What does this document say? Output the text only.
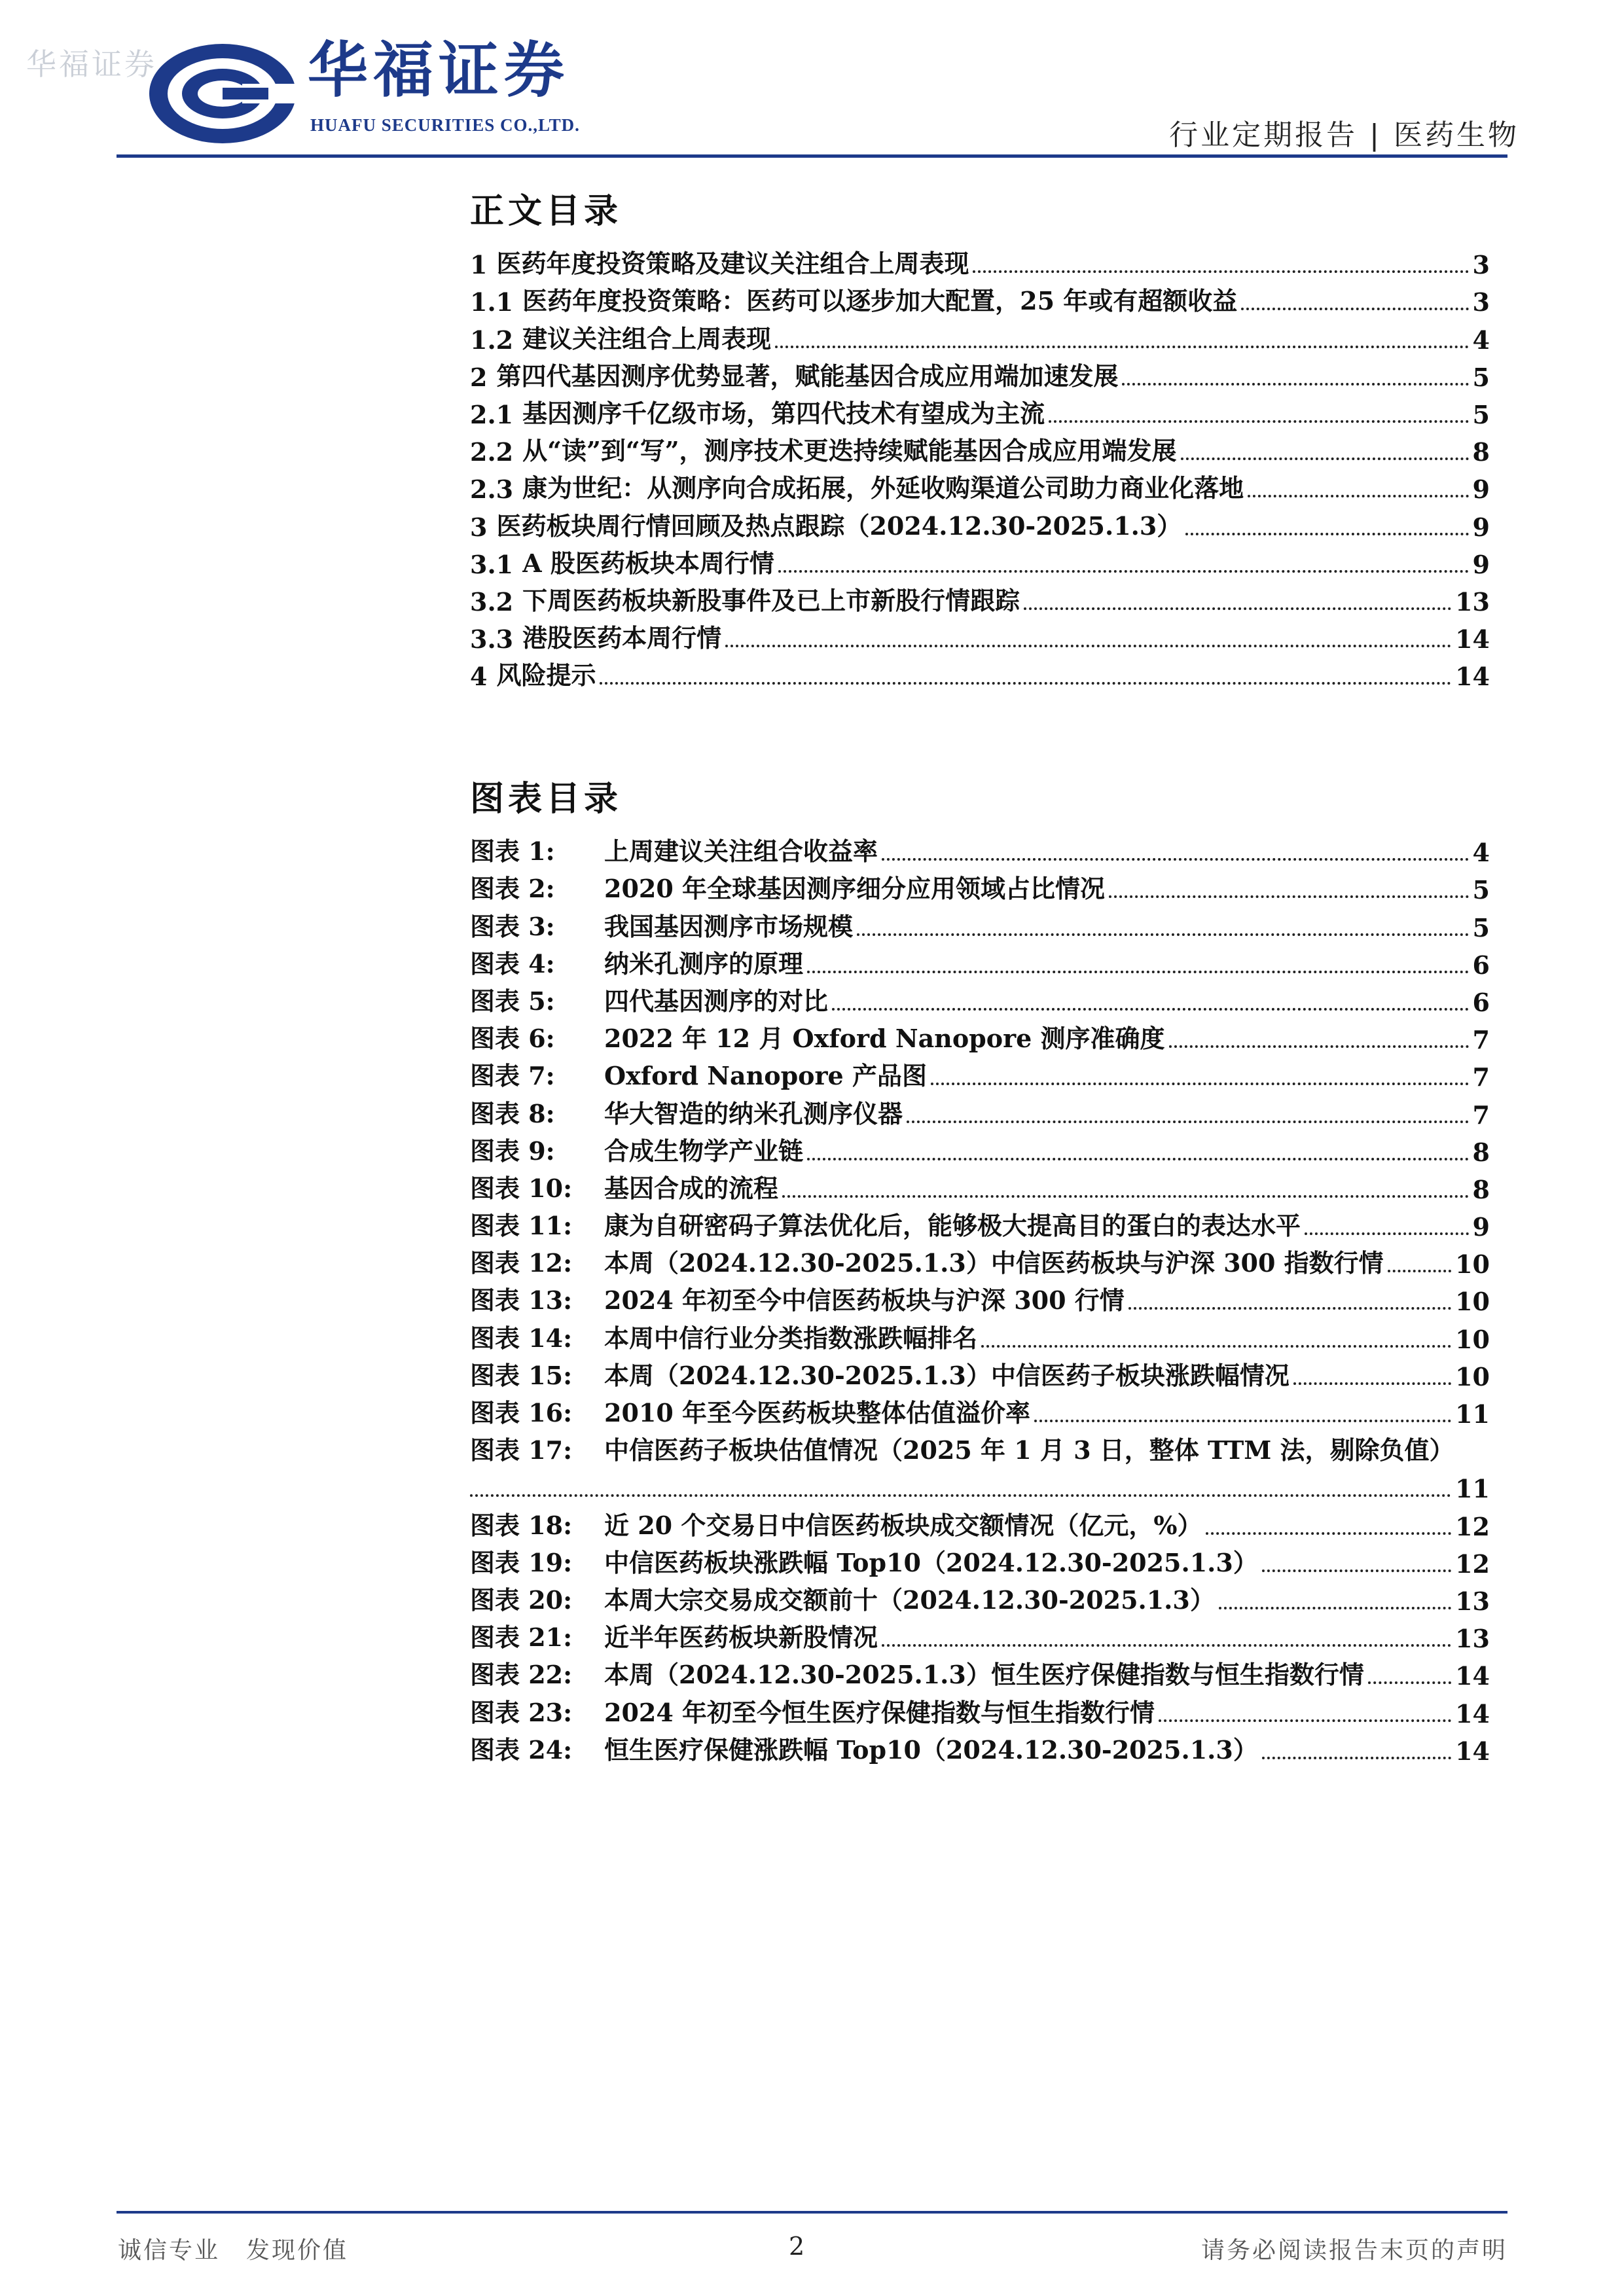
华福证券	华福证券
HUAFU SECURITIES CO.,LTD.	行业定期报告 | 医药生物
正文目录
1 医药年度投资策略及建议关注组合上周表现	3
1.1 医药年度投资策略：医药可以逐步加大配置，25 年或有超额收益	3
1.2 建议关注组合上周表现	4
2 第四代基因测序优势显著，赋能基因合成应用端加速发展	5
2.1 基因测序千亿级市场，第四代技术有望成为主流	5
2.2 从“读”到“写”，测序技术更迭持续赋能基因合成应用端发展	8
2.3 康为世纪：从测序向合成拓展，外延收购渠道公司助力商业化落地	9
3 医药板块周行情回顾及热点跟踪（2024.12.30-2025.1.3）	9
3.1 A 股医药板块本周行情	9
3.2 下周医药板块新股事件及已上市新股行情跟踪	13
3.3 港股医药本周行情	14
4 风险提示	14
图表目录
图表 1:	上周建议关注组合收益率	4
图表 2:	2020 年全球基因测序细分应用领域占比情况	5
图表 3:	我国基因测序市场规模	5
图表 4:	纳米孔测序的原理	6
图表 5:	四代基因测序的对比	6
图表 6:	2022 年 12 月 Oxford Nanopore 测序准确度	7
图表 7:	Oxford Nanopore 产品图	7
图表 8:	华大智造的纳米孔测序仪器	7
图表 9:	合成生物学产业链	8
图表 10:	基因合成的流程	8
图表 11:	康为自研密码子算法优化后，能够极大提高目的蛋白的表达水平	9
图表 12:	本周（2024.12.30-2025.1.3）中信医药板块与沪深 300 指数行情	10
图表 13:	2024 年初至今中信医药板块与沪深 300 行情	10
图表 14:	本周中信行业分类指数涨跌幅排名	10
图表 15:	本周（2024.12.30-2025.1.3）中信医药子板块涨跌幅情况	10
图表 16:	2010 年至今医药板块整体估值溢价率	11
图表 17:	中信医药子板块估值情况（2025 年 1 月 3 日，整体 TTM 法，剔除负值）
11
图表 18:	近 20 个交易日中信医药板块成交额情况（亿元，%）	12
图表 19:	中信医药板块涨跌幅 Top10（2024.12.30-2025.1.3）	12
图表 20:	本周大宗交易成交额前十（2024.12.30-2025.1.3）	13
图表 21:	近半年医药板块新股情况	13
图表 22:	本周（2024.12.30-2025.1.3）恒生医疗保健指数与恒生指数行情	14
图表 23:	2024 年初至今恒生医疗保健指数与恒生指数行情	14
图表 24:	恒生医疗保健涨跌幅 Top10（2024.12.30-2025.1.3）	14
诚信专业 发现价值	2	请务必阅读报告末页的声明
